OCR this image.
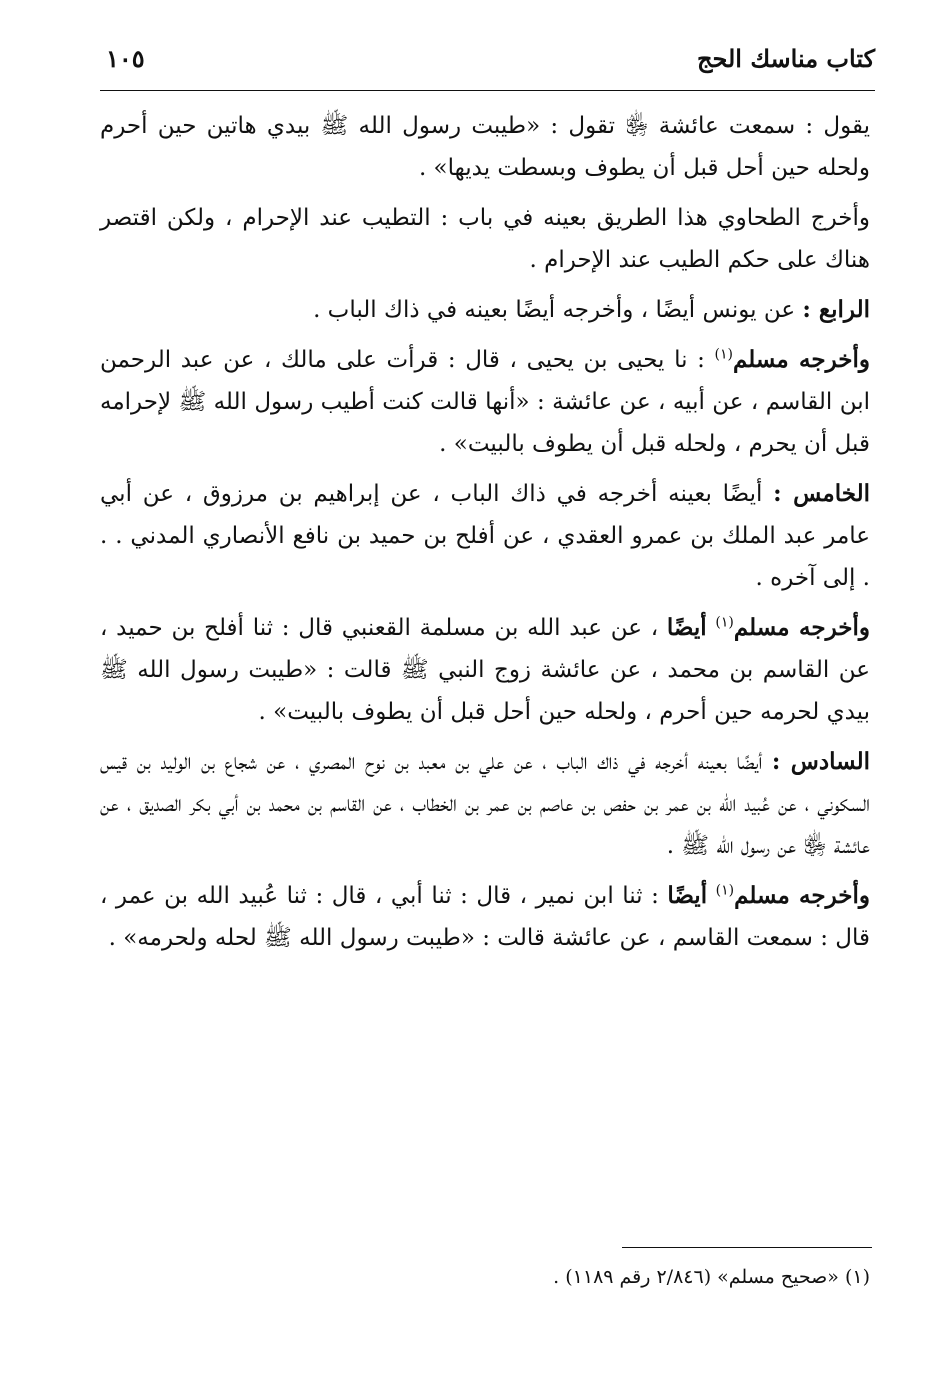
كتاب مناسك الحج
١٠٥

يقول : سمعت عائشة ﵂ تقول : «طيبت رسول الله ﷺ بيدي هاتين حين أحرم ولحله حين أحل قبل أن يطوف وبسطت يديها» .

وأخرج الطحاوي هذا الطريق بعينه في باب : التطيب عند الإحرام ، ولكن اقتصر هناك على حكم الطيب عند الإحرام .

الرابع : عن يونس أيضًا ، وأخرجه أيضًا بعينه في ذاك الباب .

وأخرجه مسلم$^{(١)}$ : نا يحيى بن يحيى ، قال : قرأت على مالك ، عن عبد الرحمن ابن القاسم ، عن أبيه ، عن عائشة : «أنها قالت كنت أطيب رسول الله ﷺ لإحرامه قبل أن يحرم ، ولحله قبل أن يطوف بالبيت» .

الخامس : أيضًا بعينه أخرجه في ذاك الباب ، عن إبراهيم بن مرزوق ، عن أبي عامر عبد الملك بن عمرو العقدي ، عن أفلح بن حميد بن نافع الأنصاري المدني . . . إلى آخره .

وأخرجه مسلم$^{(١)}$ أيضًا ، عن عبد الله بن مسلمة القعنبي قال : ثنا أفلح بن حميد ، عن القاسم بن محمد ، عن عائشة زوج النبي ﷺ قالت : «طيبت رسول الله ﷺ بيدي لحرمه حين أحرم ، ولحله حين أحل قبل أن يطوف بالبيت» .

السادس : أيضًا بعينه أخرجه في ذاك الباب ، عن علي بن معبد بن نوح المصري ، عن شجاع بن الوليد بن قيس السكوني ، عن عُبيد الله بن عمر بن حفص بن عاصم بن عمر بن الخطاب ، عن القاسم بن محمد بن أبي بكر الصديق ، عن عائشة ﵂ عن رسول الله ﷺ .

وأخرجه مسلم$^{(١)}$ أيضًا : ثنا ابن نمير ، قال : ثنا أبي ، قال : ثنا عُبيد الله بن عمر ، قال : سمعت القاسم ، عن عائشة قالت : «طيبت رسول الله ﷺ لحله ولحرمه» .

(١) «صحيح مسلم» (٢/٨٤٦ رقم ١١٨٩) .
